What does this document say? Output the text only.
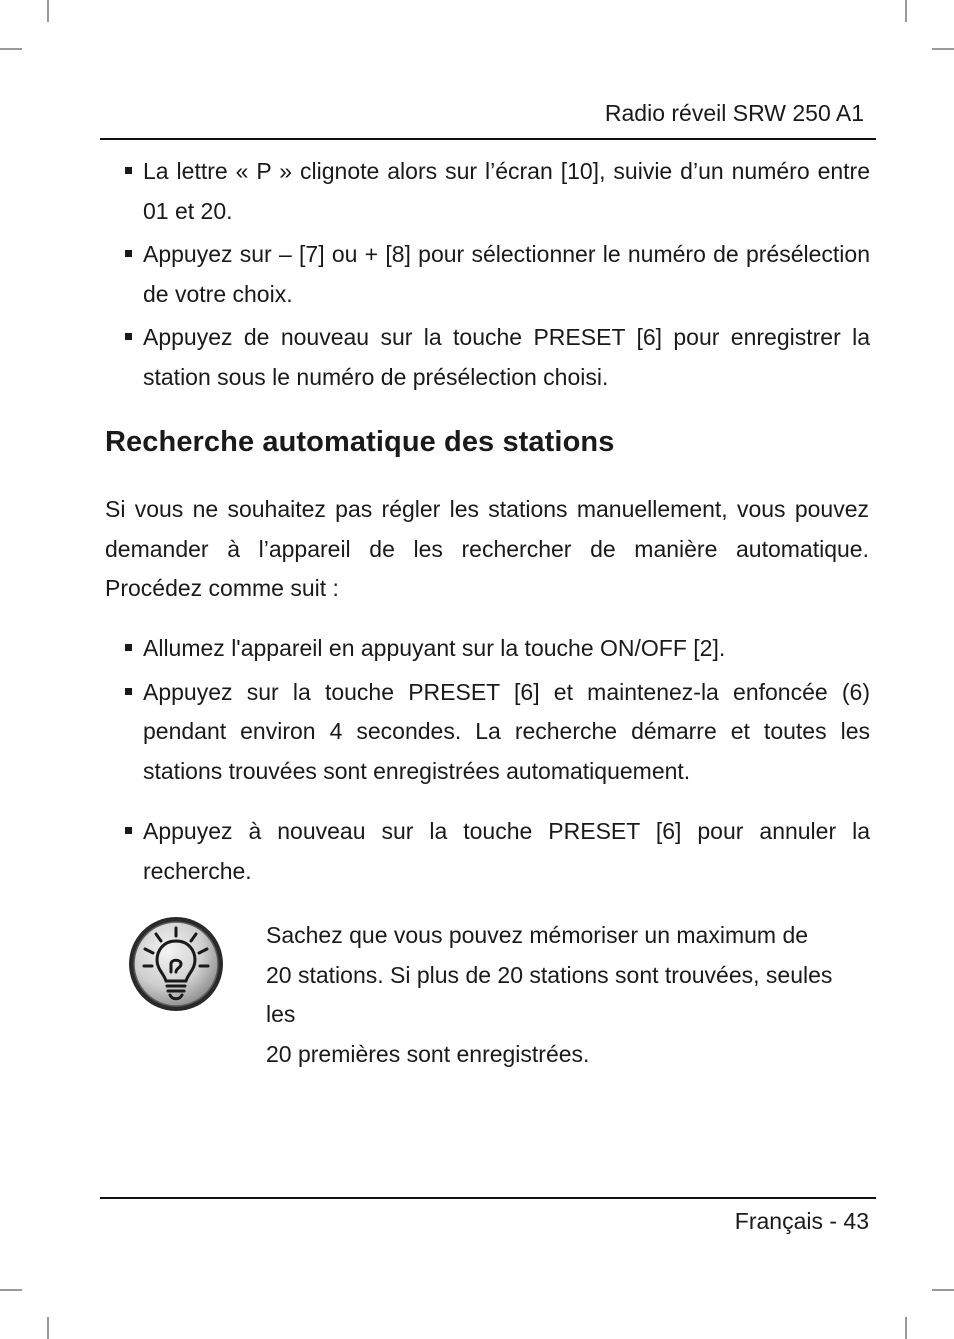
Radio réveil SRW 250 A1
La lettre « P » clignote alors sur l’écran [10], suivie d’un numéro entre 01 et 20.
Appuyez sur – [7] ou + [8] pour sélectionner le numéro de présélection de votre choix.
Appuyez de nouveau sur la touche PRESET [6] pour enregistrer la station sous le numéro de présélection choisi.
Recherche automatique des stations

Si vous ne souhaitez pas régler les stations manuellement, vous pouvez demander à l’appareil de les rechercher de manière automatique. Procédez comme suit :

Allumez l'appareil en appuyant sur la touche ON/OFF [2].
Appuyez sur la touche PRESET [6] et maintenez-la enfoncée (6) pendant environ 4 secondes. La recherche démarre et toutes les stations trouvées sont enregistrées automatiquement.
Appuyez à nouveau sur la touche PRESET [6] pour annuler la recherche.

Sachez que vous pouvez mémoriser un maximum de
20 stations. Si plus de 20 stations sont trouvées, seules les
20 premières sont enregistrées.

Français - 43
